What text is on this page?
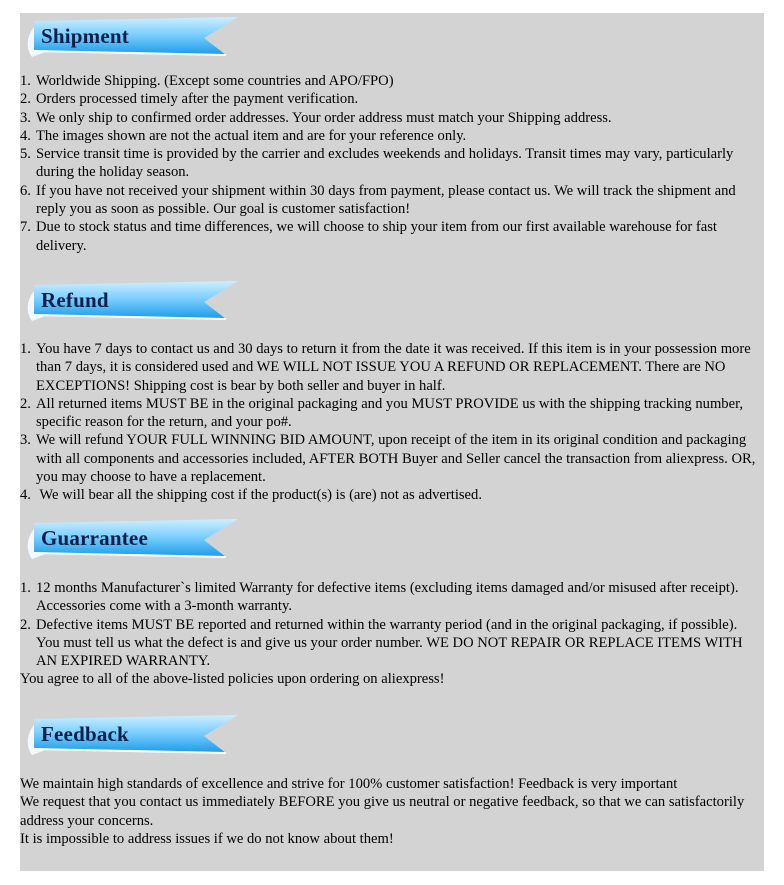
Shipment
1. Worldwide Shipping. (Except some countries and APO/FPO)
2. Orders processed timely after the payment verification.
3. We only ship to confirmed order addresses. Your order address must match your Shipping address.
4. The images shown are not the actual item and are for your reference only.
5. Service transit time is provided by the carrier and excludes weekends and holidays. Transit times may vary, particularly during the holiday season.
6. If you have not received your shipment within 30 days from payment, please contact us. We will track the shipment and reply you as soon as possible. Our goal is customer satisfaction!
7. Due to stock status and time differences, we will choose to ship your item from our first available warehouse for fast delivery.
Refund
1. You have 7 days to contact us and 30 days to return it from the date it was received. If this item is in your possession more than 7 days, it is considered used and WE WILL NOT ISSUE YOU A REFUND OR REPLACEMENT. There are NO EXCEPTIONS! Shipping cost is bear by both seller and buyer in half.
2. All returned items MUST BE in the original packaging and you MUST PROVIDE us with the shipping tracking number, specific reason for the return, and your po#.
3. We will refund YOUR FULL WINNING BID AMOUNT, upon receipt of the item in its original condition and packaging with all components and accessories included, AFTER BOTH Buyer and Seller cancel the transaction from aliexpress. OR, you may choose to have a replacement.
4. We will bear all the shipping cost if the product(s) is (are) not as advertised.
Guarrantee
1. 12 months Manufacturer`s limited Warranty for defective items (excluding items damaged and/or misused after receipt). Accessories come with a 3-month warranty.
2. Defective items MUST BE reported and returned within the warranty period (and in the original packaging, if possible). You must tell us what the defect is and give us your order number. WE DO NOT REPAIR OR REPLACE ITEMS WITH AN EXPIRED WARRANTY.
You agree to all of the above-listed policies upon ordering on aliexpress!
Feedback
We maintain high standards of excellence and strive for 100% customer satisfaction! Feedback is very important
We request that you contact us immediately BEFORE you give us neutral or negative feedback, so that we can satisfactorily address your concerns.
It is impossible to address issues if we do not know about them!
